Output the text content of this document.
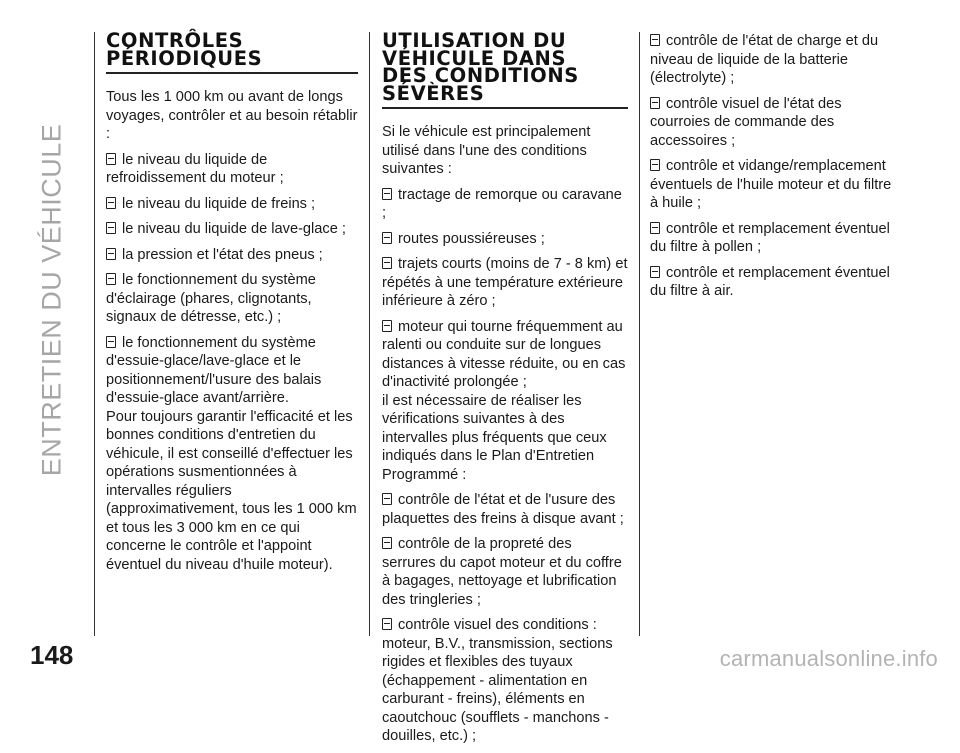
ENTRETIEN DU VÉHICULE
148
CONTRÔLES
PÉRIODIQUES

Tous les 1 000 km ou avant de longs voyages, contrôler et au besoin rétablir :

le niveau du liquide de refroidissement du moteur ;
le niveau du liquide de freins ;
le niveau du liquide de lave-glace ;
la pression et l'état des pneus ;
le fonctionnement du système d'éclairage (phares, clignotants, signaux de détresse, etc.) ;
le fonctionnement du système d'essuie-glace/lave-glace et le positionnement/l'usure des balais d'essuie-glace avant/arrière.

Pour toujours garantir l'efficacité et les bonnes conditions d'entretien du véhicule, il est conseillé d'effectuer les opérations susmentionnées à intervalles réguliers (approximativement, tous les 1 000 km et tous les 3 000 km en ce qui concerne le contrôle et l'appoint éventuel du niveau d'huile moteur).

UTILISATION DU
VÉHICULE DANS
DES CONDITIONS
SÉVÈRES

Si le véhicule est principalement utilisé dans l'une des conditions suivantes :

tractage de remorque ou caravane ;
routes poussiéreuses ;
trajets courts (moins de 7 - 8 km) et répétés à une température extérieure inférieure à zéro ;
moteur qui tourne fréquemment au ralenti ou conduite sur de longues distances à vitesse réduite, ou en cas d'inactivité prolongée ;

il est nécessaire de réaliser les vérifications suivantes à des intervalles plus fréquents que ceux indiqués dans le Plan d'Entretien Programmé :

contrôle de l'état et de l'usure des plaquettes des freins à disque avant ;
contrôle de la propreté des serrures du capot moteur et du coffre à bagages, nettoyage et lubrification des tringleries ;
contrôle visuel des conditions : moteur, B.V., transmission, sections rigides et flexibles des tuyaux (échappement - alimentation en carburant - freins), éléments en caoutchouc (soufflets - manchons - douilles, etc.) ;
contrôle de l'état de charge et du niveau de liquide de la batterie (électrolyte) ;
contrôle visuel de l'état des courroies de commande des accessoires ;
contrôle et vidange/remplacement éventuels de l'huile moteur et du filtre à huile ;
contrôle et remplacement éventuel du filtre à pollen ;
contrôle et remplacement éventuel du filtre à air.
carmanualsonline.info
